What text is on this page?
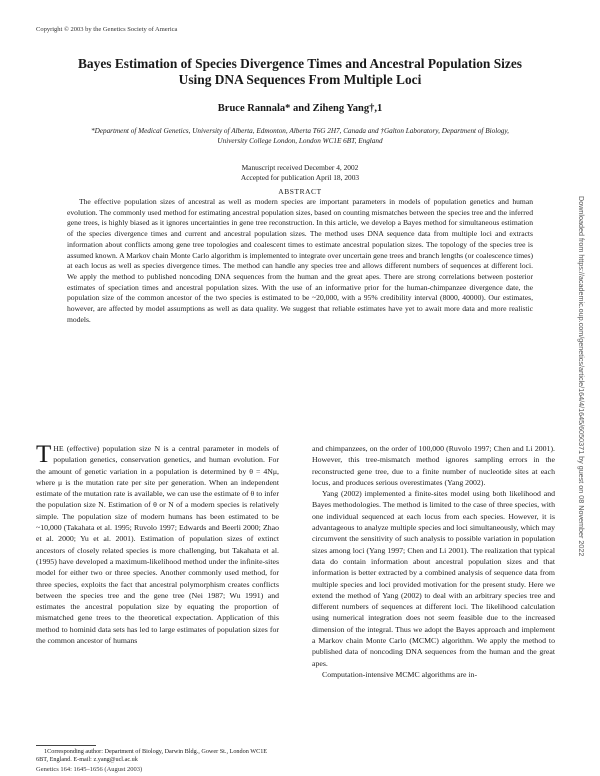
Copyright © 2003 by the Genetics Society of America
Bayes Estimation of Species Divergence Times and Ancestral Population Sizes
Using DNA Sequences From Multiple Loci
Bruce Rannala* and Ziheng Yang†,1
*Department of Medical Genetics, University of Alberta, Edmonton, Alberta T6G 2H7, Canada and †Galton Laboratory, Department of Biology,
University College London, London WC1E 6BT, England
Manuscript received December 4, 2002
Accepted for publication April 18, 2003
ABSTRACT

The effective population sizes of ancestral as well as modern species are important parameters in models of population genetics and human evolution. The commonly used method for estimating ancestral population sizes, based on counting mismatches between the species tree and the inferred gene trees, is highly biased as it ignores uncertainties in gene tree reconstruction. In this article, we develop a Bayes method for simultaneous estimation of the species divergence times and current and ancestral population sizes. The method uses DNA sequence data from multiple loci and extracts information about conflicts among gene tree topologies and coalescent times to estimate ancestral population sizes. The topology of the species tree is assumed known. A Markov chain Monte Carlo algorithm is implemented to integrate over uncertain gene trees and branch lengths (or coalescence times) at each locus as well as species divergence times. The method can handle any species tree and allows different numbers of sequences at different loci. We apply the method to published noncoding DNA sequences from the human and the great apes. There are strong correlations between posterior estimates of speciation times and ancestral population sizes. With the use of an informative prior for the human-chimpanzee divergence date, the population size of the common ancestor of the two species is estimated to be ~20,000, with a 95% credibility interval (8000, 40000). Our estimates, however, are affected by model assumptions as well as data quality. We suggest that reliable estimates have yet to await more data and more realistic models.

THE (effective) population size N is a central parameter in models of population genetics, conservation genetics, and human evolution. For the amount of genetic variation in a population is determined by θ = 4Nμ, where μ is the mutation rate per site per generation. When an independent estimate of the mutation rate is available, we can use the estimate of θ to infer the population size N. Estimation of θ or N of a modern species is relatively simple. The population size of modern humans has been estimated to be ~10,000 (Takahata et al. 1995; Ruvolo 1997; Edwards and Beerli 2000; Zhao et al. 2000; Yu et al. 2001). Estimation of population sizes of extinct ancestors of closely related species is more challenging, but Takahata et al. (1995) have developed a maximum-likelihood method under the infinite-sites model for either two or three species. Another commonly used method, for three species, exploits the fact that ancestral polymorphism creates conflicts between the species tree and the gene tree (Nei 1987; Wu 1991) and estimates the ancestral population size by equating the proportion of mismatched gene trees to the theoretical expectation. Application of this method to hominid data sets has led to large estimates of population sizes for the common ancestor of humans

and chimpanzees, on the order of 100,000 (Ruvolo 1997; Chen and Li 2001). However, this tree-mismatch method ignores sampling errors in the reconstructed gene tree, due to a finite number of nucleotide sites at each locus, and produces serious overestimates (Yang 2002).

Yang (2002) implemented a finite-sites model using both likelihood and Bayes methodologies. The method is limited to the case of three species, with one individual sequenced at each locus from each species. However, it is advantageous to analyze multiple species and loci simultaneously, which may circumvent the sensitivity of such analysis to possible variation in population sizes among loci (Yang 1997; Chen and Li 2001). The realization that typical data do contain information about ancestral population sizes and that information is better extracted by a combined analysis of sequence data from multiple species and loci provided motivation for the present study. Here we extend the method of Yang (2002) to deal with an arbitrary species tree and different numbers of sequences at different loci. The likelihood calculation using numerical integration does not seem feasible due to the increased dimension of the integral. Thus we adopt the Bayes approach and implement a Markov chain Monte Carlo (MCMC) algorithm. We apply the method to published data of noncoding DNA sequences from the human and the great apes.

Computation-intensive MCMC algorithms are in-

1Corresponding author: Department of Biology, Darwin Bldg., Gower St., London WC1E 6BT, England. E-mail: z.yang@ucl.ac.uk
Genetics 164: 1645–1656 (August 2003)
Downloaded from https://academic.oup.com/genetics/article/164/4/1645/6050371 by guest on 08 November 2022
